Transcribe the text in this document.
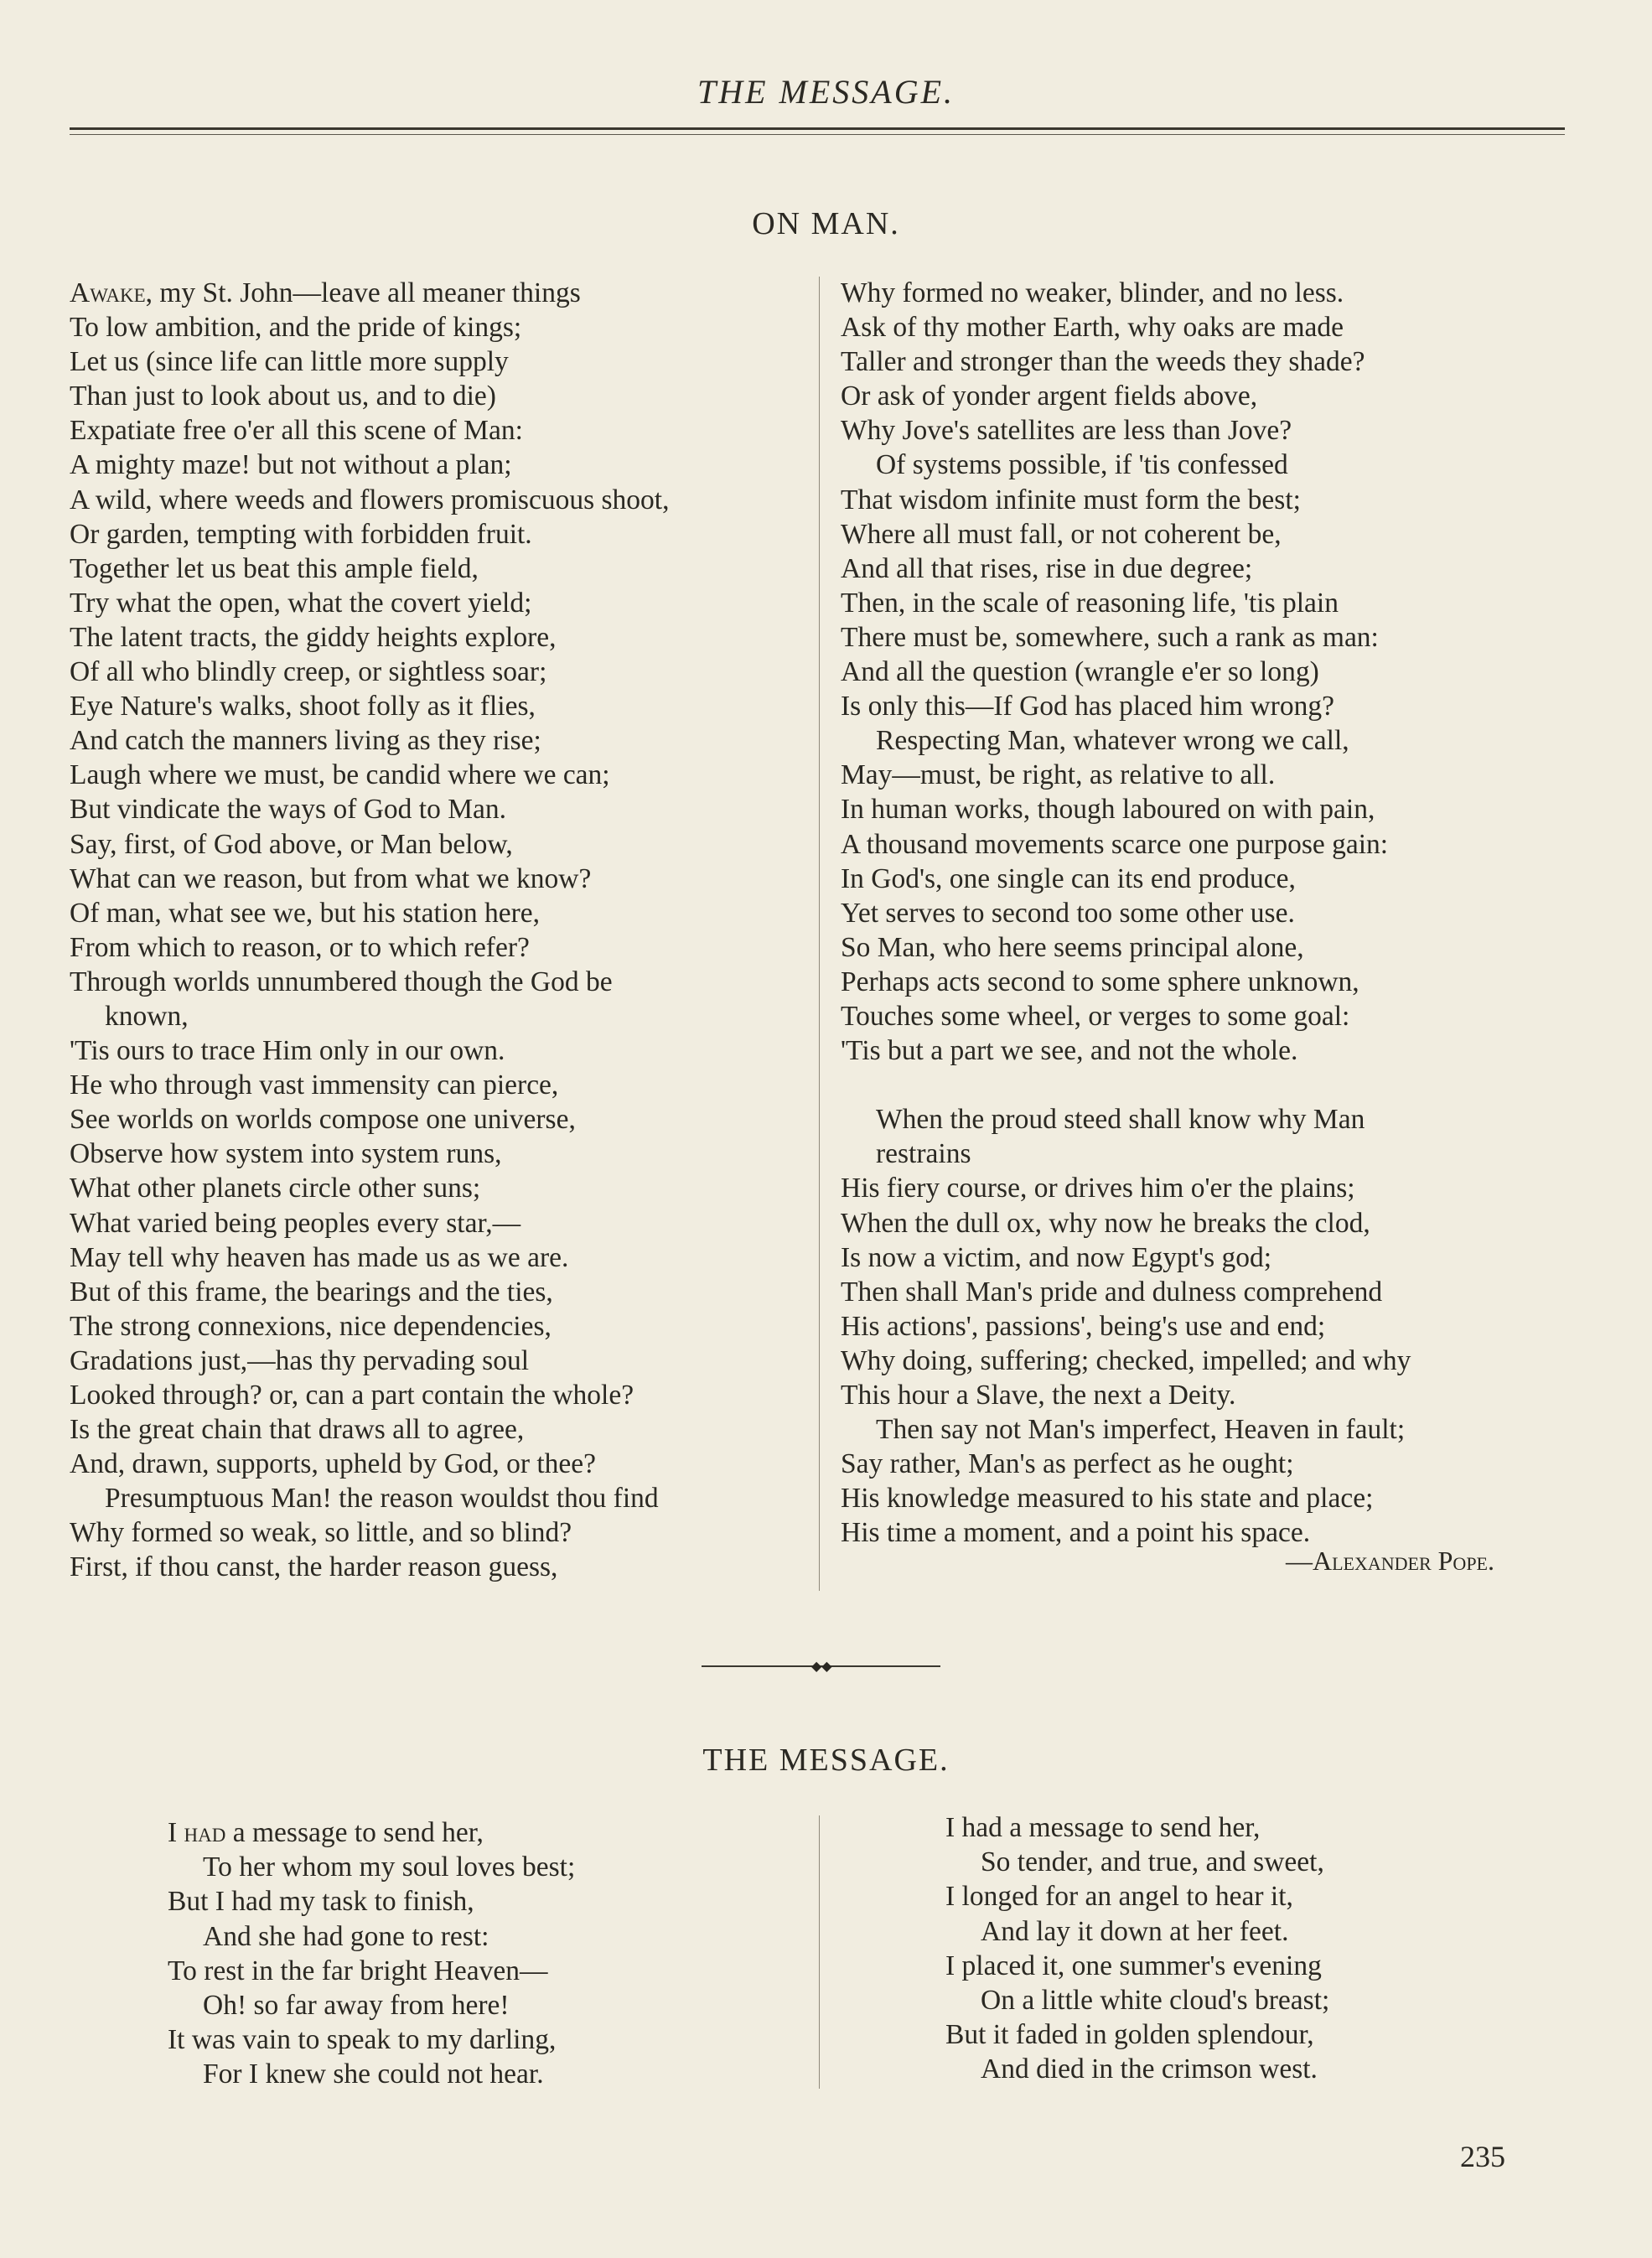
THE MESSAGE.
ON MAN.
Awake, my St. John—leave all meaner things
To low ambition, and the pride of kings;
Let us (since life can little more supply
Than just to look about us, and to die)
Expatiate free o'er all this scene of Man:
A mighty maze! but not without a plan;
A wild, where weeds and flowers promiscuous shoot,
Or garden, tempting with forbidden fruit.
Together let us beat this ample field,
Try what the open, what the covert yield;
The latent tracts, the giddy heights explore,
Of all who blindly creep, or sightless soar;
Eye Nature's walks, shoot folly as it flies,
And catch the manners living as they rise;
Laugh where we must, be candid where we can;
But vindicate the ways of God to Man.
Say, first, of God above, or Man below,
What can we reason, but from what we know?
Of man, what see we, but his station here,
From which to reason, or to which refer?
Through worlds unnumbered though the God be
known,
'Tis ours to trace Him only in our own.
He who through vast immensity can pierce,
See worlds on worlds compose one universe,
Observe how system into system runs,
What other planets circle other suns;
What varied being peoples every star,—
May tell why heaven has made us as we are.
But of this frame, the bearings and the ties,
The strong connexions, nice dependencies,
Gradations just,—has thy pervading soul
Looked through? or, can a part contain the whole?
Is the great chain that draws all to agree,
And, drawn, supports, upheld by God, or thee?
Presumptuous Man! the reason wouldst thou find
Why formed so weak, so little, and so blind?
First, if thou canst, the harder reason guess,
Why formed no weaker, blinder, and no less.
Ask of thy mother Earth, why oaks are made
Taller and stronger than the weeds they shade?
Or ask of yonder argent fields above,
Why Jove's satellites are less than Jove?
Of systems possible, if 'tis confessed
That wisdom infinite must form the best;
Where all must fall, or not coherent be,
And all that rises, rise in due degree;
Then, in the scale of reasoning life, 'tis plain
There must be, somewhere, such a rank as man:
And all the question (wrangle e'er so long)
Is only this—If God has placed him wrong?
Respecting Man, whatever wrong we call,
May—must, be right, as relative to all.
In human works, though laboured on with pain,
A thousand movements scarce one purpose gain:
In God's, one single can its end produce,
Yet serves to second too some other use.
So Man, who here seems principal alone,
Perhaps acts second to some sphere unknown,
Touches some wheel, or verges to some goal:
'Tis but a part we see, and not the whole.
When the proud steed shall know why Man
restrains
His fiery course, or drives him o'er the plains;
When the dull ox, why now he breaks the clod,
Is now a victim, and now Egypt's god;
Then shall Man's pride and dulness comprehend
His actions', passions', being's use and end;
Why doing, suffering; checked, impelled; and why
This hour a Slave, the next a Deity.
Then say not Man's imperfect, Heaven in fault;
Say rather, Man's as perfect as he ought;
His knowledge measured to his state and place;
His time a moment, and a point his space.
—Alexander Pope.
◆◆
THE MESSAGE.
I had a message to send her,
To her whom my soul loves best;
But I had my task to finish,
And she had gone to rest:
To rest in the far bright Heaven—
Oh! so far away from here!
It was vain to speak to my darling,
For I knew she could not hear.
I had a message to send her,
So tender, and true, and sweet,
I longed for an angel to hear it,
And lay it down at her feet.
I placed it, one summer's evening
On a little white cloud's breast;
But it faded in golden splendour,
And died in the crimson west.
235
